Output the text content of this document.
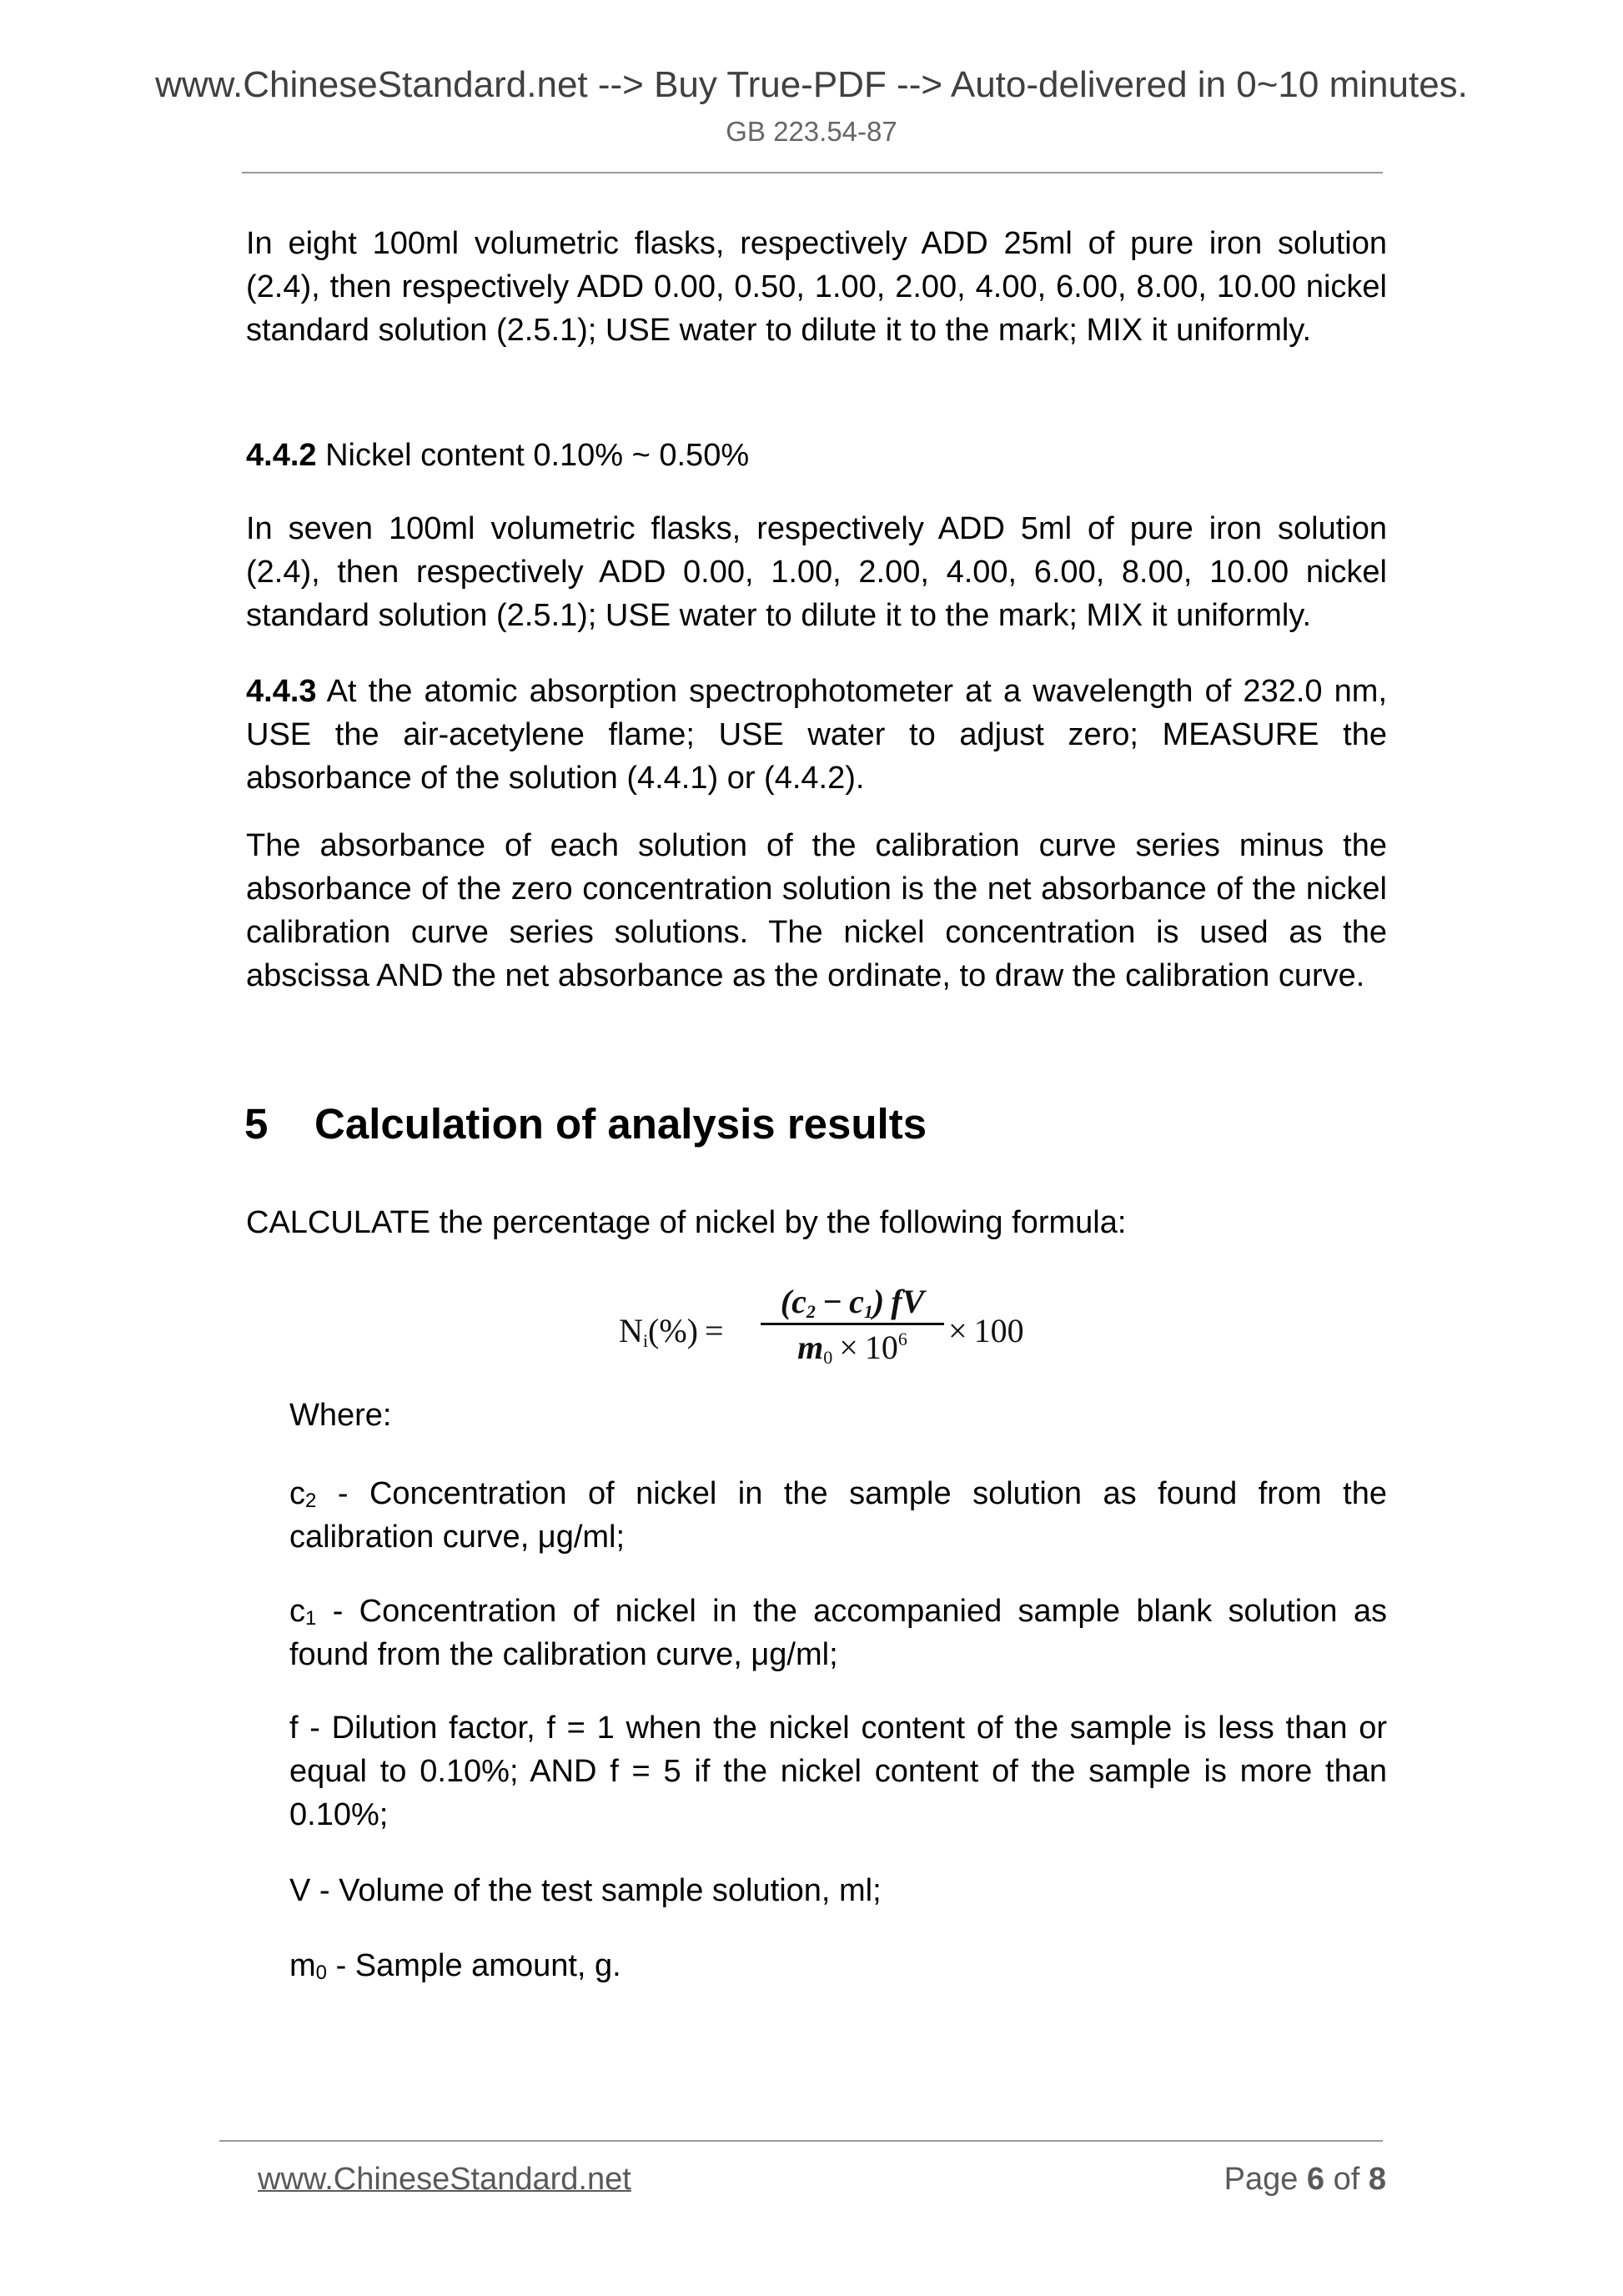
www.ChineseStandard.net --> Buy True-PDF --> Auto-delivered in 0~10 minutes.
GB 223.54-87

In eight 100ml volumetric flasks, respectively ADD 25ml of pure iron solution (2.4), then respectively ADD 0.00, 0.50, 1.00, 2.00, 4.00, 6.00, 8.00, 10.00 nickel standard solution (2.5.1); USE water to dilute it to the mark; MIX it uniformly.

4.4.2 Nickel content 0.10% ~ 0.50%

In seven 100ml volumetric flasks, respectively ADD 5ml of pure iron solution (2.4), then respectively ADD 0.00, 1.00, 2.00, 4.00, 6.00, 8.00, 10.00 nickel standard solution (2.5.1); USE water to dilute it to the mark; MIX it uniformly.

4.4.3 At the atomic absorption spectrophotometer at a wavelength of 232.0 nm, USE the air-acetylene flame; USE water to adjust zero; MEASURE the absorbance of the solution (4.4.1) or (4.4.2).

The absorbance of each solution of the calibration curve series minus the absorbance of the zero concentration solution is the net absorbance of the nickel calibration curve series solutions. The nickel concentration is used as the abscissa AND the net absorbance as the ordinate, to draw the calibration curve.

5 Calculation of analysis results

CALCULATE the percentage of nickel by the following formula:

Ni(%) =
(c2 − c1) fV
$m0 \times 10^6$	× 100

Where:

$c_2$ - Concentration of nickel in the sample solution as found from the calibration curve, μg/ml;

$c_1$ - Concentration of nickel in the accompanied sample blank solution as found from the calibration curve, μg/ml;

f - Dilution factor, f = 1 when the nickel content of the sample is less than or equal to 0.10%; AND f = 5 if the nickel content of the sample is more than 0.10%;

V - Volume of the test sample solution, ml;

$m_0$ - Sample amount, g.

www.ChineseStandard.net	Page 6 of 8
